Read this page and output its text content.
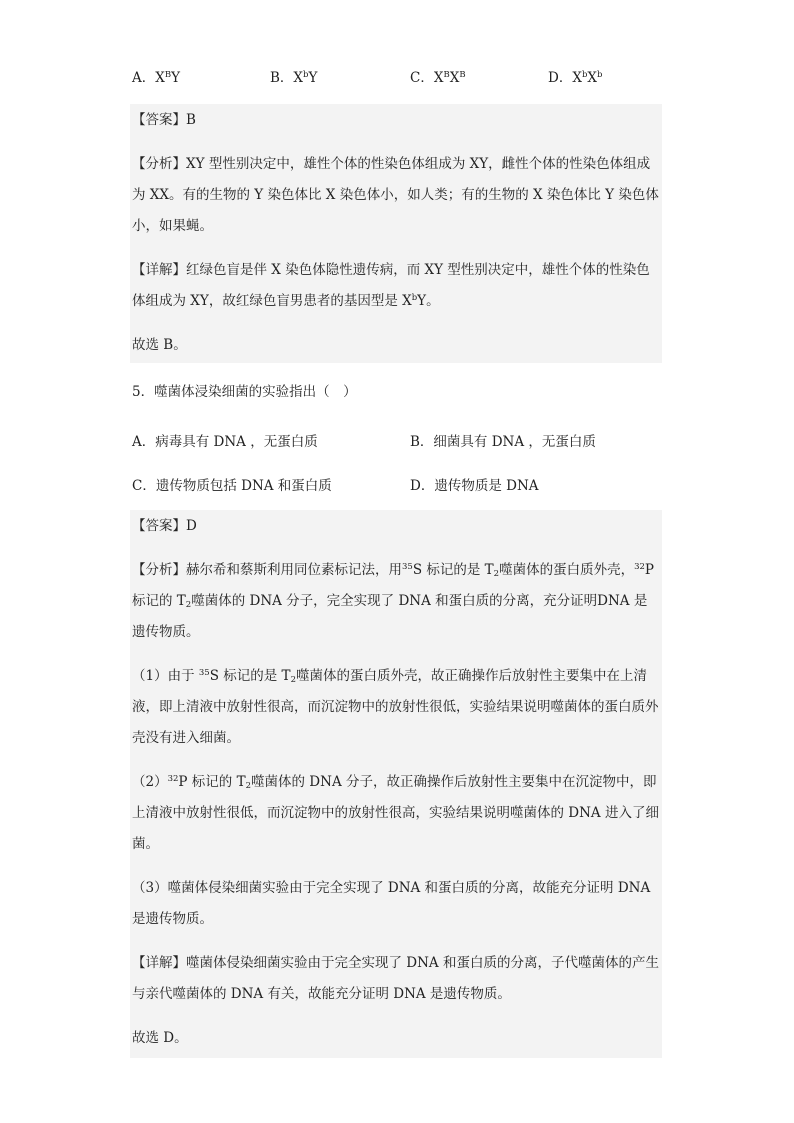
A．$X^BY$	B．$X^bY$	C．$X^BX^B$	D．$X^bX^b$
【答案】B
【分析】XY 型性别决定中，雄性个体的性染色体组成为 XY，雌性个体的性染色体组成为 XX。有的生物的 Y 染色体比 X 染色体小，如人类；有的生物的 X 染色体比 Y 染色体小，如果蝇。
【详解】红绿色盲是伴 X 染色体隐性遗传病，而 XY 型性别决定中，雄性个体的性染色体组成为 XY，故红绿色盲男患者的基因型是 $X^bY$。
故选 B。
5．噬菌体浸染细菌的实验指出（　）
A．病毒具有 DNA ，无蛋白质	B．细菌具有 DNA ，无蛋白质
C．遗传物质包括 DNA 和蛋白质	D．遗传物质是 DNA
【答案】D
【分析】赫尔希和蔡斯利用同位素标记法，用$^{35}$S 标记的是 $T_2$噬菌体的蛋白质外壳，$^{32}$P 标记的 $T_2$噬菌体的 DNA 分子，完全实现了 DNA 和蛋白质的分离，充分证明DNA 是遗传物质。
（1）由于 $^{35}$S 标记的是 $T_2$噬菌体的蛋白质外壳，故正确操作后放射性主要集中在上清液，即上清液中放射性很高，而沉淀物中的放射性很低，实验结果说明噬菌体的蛋白质外壳没有进入细菌。
$(2)^{32}P$ 标记的 $T_2$噬菌体的 DNA 分子，故正确操作后放射性主要集中在沉淀物中，即上清液中放射性很低，而沉淀物中的放射性很高，实验结果说明噬菌体的 DNA 进入了细菌。
（3）噬菌体侵染细菌实验由于完全实现了 DNA 和蛋白质的分离，故能充分证明 DNA 是遗传物质。
【详解】噬菌体侵染细菌实验由于完全实现了 DNA 和蛋白质的分离，子代噬菌体的产生与亲代噬菌体的 DNA 有关，故能充分证明 DNA 是遗传物质。
故选 D。
